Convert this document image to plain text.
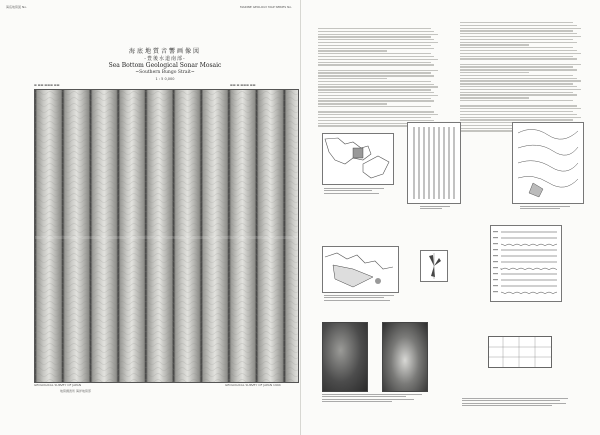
海底地質図 No.	MARINE GEOLOGY MAP SERIES No.
海底地質音響画像図
-豊後水道南部-
Sea Bottom Geological Sonar Mosaic
~Southern Bungo Strait~
1 : 5 0,000
▬ ▬▬ ▬▬▬ ▬▬	▬▬ ▬ ▬▬▬ ▬▬
GEOLOGICAL SURVEY OF JAPAN
地質調査所 海洋地質部
GEOLOGICAL SURVEY OF JAPAN 1994
